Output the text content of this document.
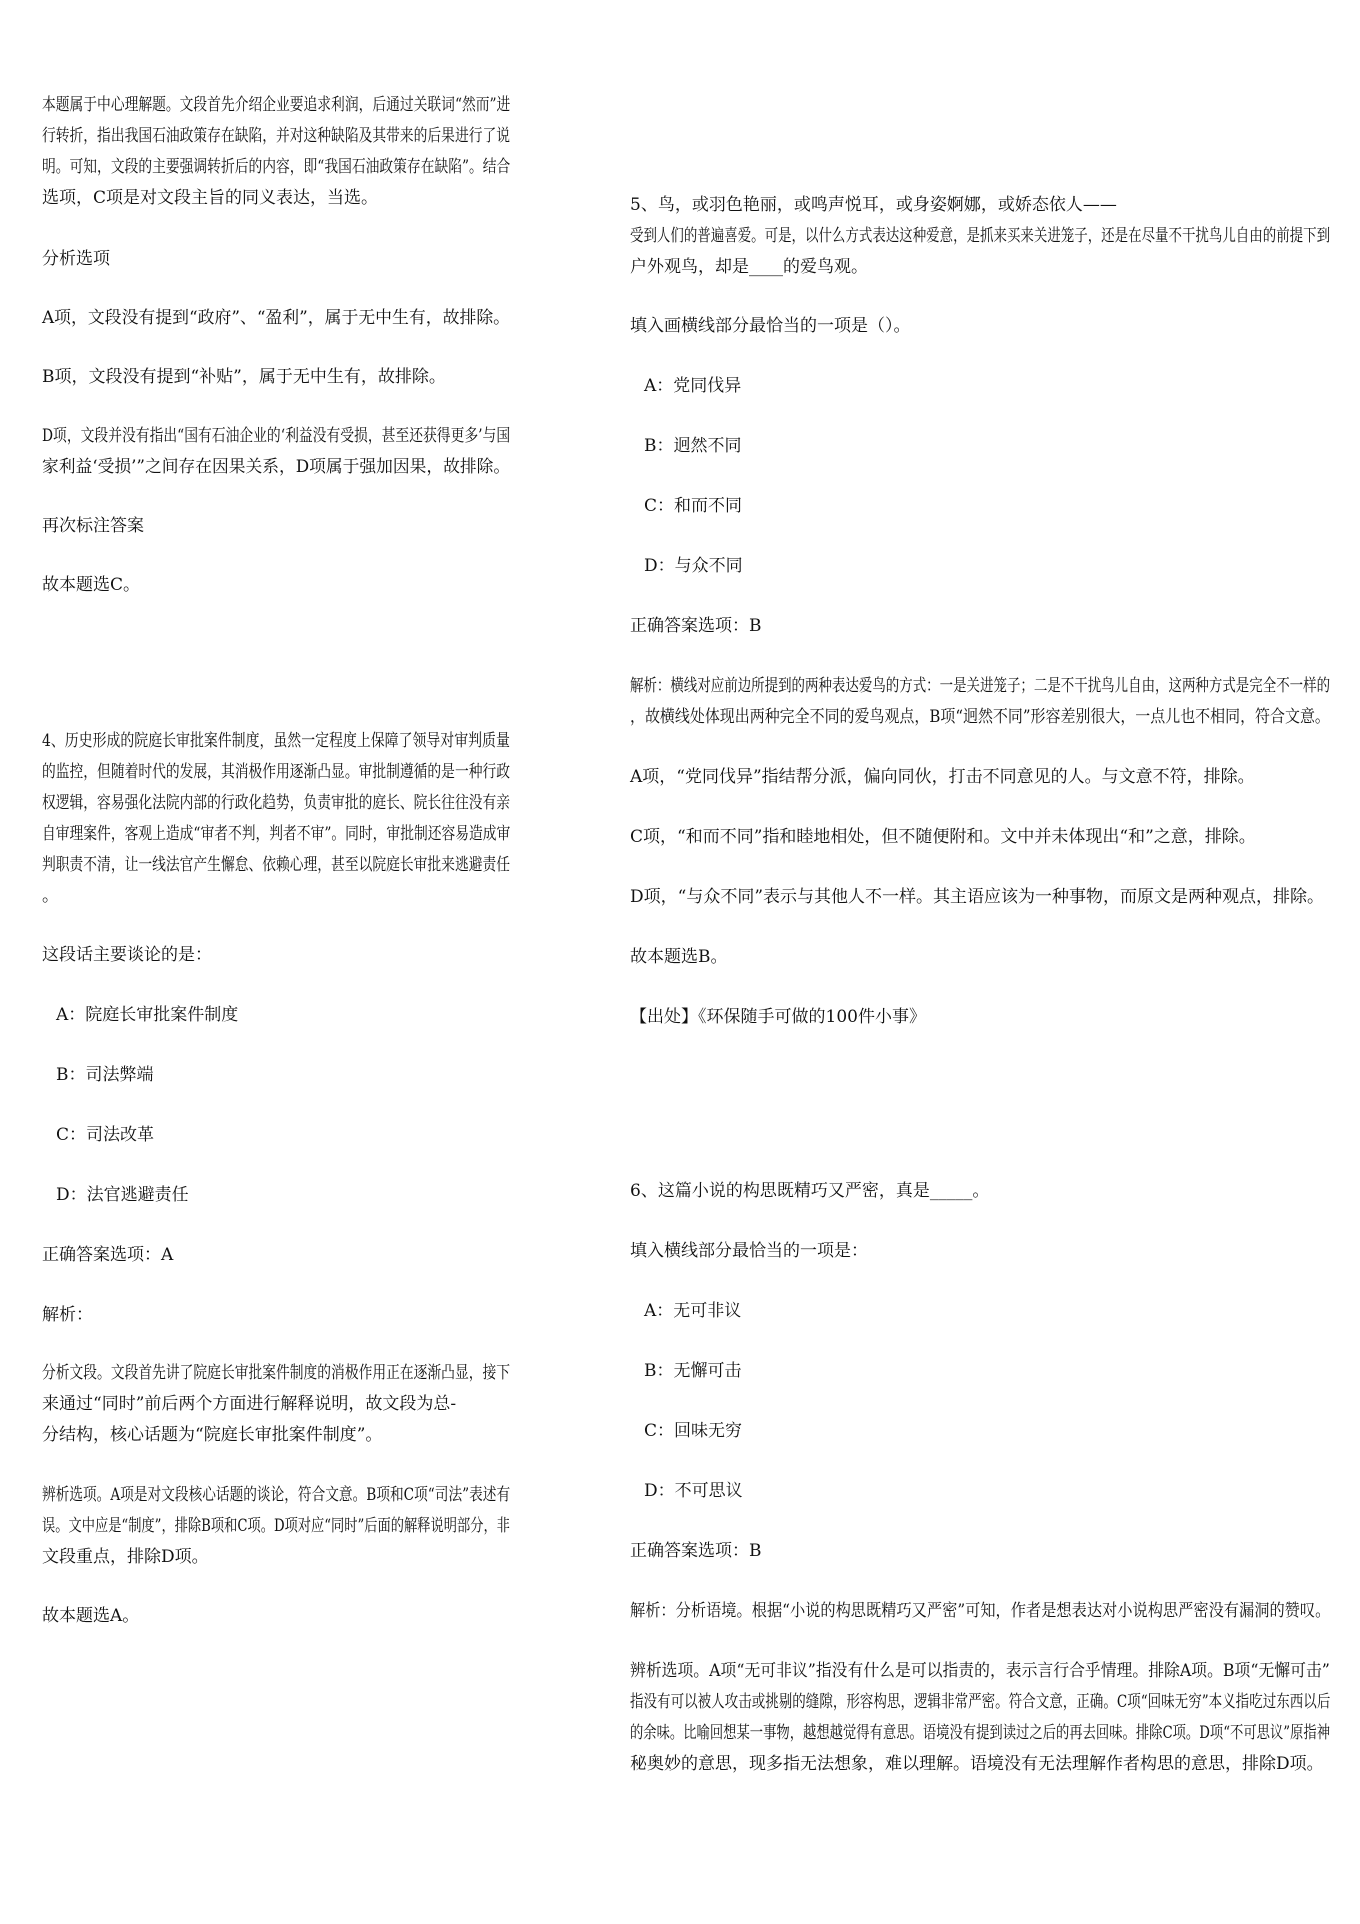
本题属于中心理解题。文段首先介绍企业要追求利润，后通过关联词“然而”进

行转折，指出我国石油政策存在缺陷，并对这种缺陷及其带来的后果进行了说

明。可知，文段的主要强调转折后的内容，即“我国石油政策存在缺陷”。结合

选项，C项是对文段主旨的同义表达，当选。

分析选项

A项，文段没有提到“政府”、“盈利”，属于无中生有，故排除。

B项，文段没有提到“补贴”，属于无中生有，故排除。

D项，文段并没有指出“国有石油企业的‘利益没有受损，甚至还获得更多’与国

家利益‘受损’”之间存在因果关系，D项属于强加因果，故排除。

再次标注答案

故本题选C。

4、历史形成的院庭长审批案件制度，虽然一定程度上保障了领导对审判质量

的监控，但随着时代的发展，其消极作用逐渐凸显。审批制遵循的是一种行政

权逻辑，容易强化法院内部的行政化趋势，负责审批的庭长、院长往往没有亲

自审理案件，客观上造成“审者不判，判者不审”。同时，审批制还容易造成审

判职责不清，让一线法官产生懈怠、依赖心理，甚至以院庭长审批来逃避责任

。

这段话主要谈论的是：

A：院庭长审批案件制度

B：司法弊端

C：司法改革

D：法官逃避责任

正确答案选项：A

解析：

分析文段。文段首先讲了院庭长审批案件制度的消极作用正在逐渐凸显，接下

来通过“同时”前后两个方面进行解释说明，故文段为总-

分结构，核心话题为“院庭长审批案件制度”。

辨析选项。A项是对文段核心话题的谈论，符合文意。B项和C项“司法”表述有

误。文中应是“制度”，排除B项和C项。D项对应“同时”后面的解释说明部分，非

文段重点，排除D项。

故本题选A。

5、鸟，或羽色艳丽，或鸣声悦耳，或身姿婀娜，或娇态依人——

受到人们的普遍喜爱。可是，以什么方式表达这种爱意，是抓来买来关进笼子，还是在尽量不干扰鸟儿自由的前提下到

户外观鸟，却是____的爱鸟观。

填入画横线部分最恰当的一项是（）。

A：党同伐异

B：迥然不同

C：和而不同

D：与众不同

正确答案选项：B

解析：横线对应前边所提到的两种表达爱鸟的方式：一是关进笼子；二是不干扰鸟儿自由，这两种方式是完全不一样的

，故横线处体现出两种完全不同的爱鸟观点，B项“迥然不同”形容差别很大，一点儿也不相同，符合文意。

A项，“党同伐异”指结帮分派，偏向同伙，打击不同意见的人。与文意不符，排除。

C项，“和而不同”指和睦地相处，但不随便附和。文中并未体现出“和”之意，排除。

D项，“与众不同”表示与其他人不一样。其主语应该为一种事物，而原文是两种观点，排除。

故本题选B。

【出处】《环保随手可做的100件小事》

6、这篇小说的构思既精巧又严密，真是_____。

填入横线部分最恰当的一项是：

A：无可非议

B：无懈可击

C：回味无穷

D：不可思议

正确答案选项：B

解析：分析语境。根据“小说的构思既精巧又严密”可知，作者是想表达对小说构思严密没有漏洞的赞叹。

辨析选项。A项“无可非议”指没有什么是可以指责的，表示言行合乎情理。排除A项。B项“无懈可击”

指没有可以被人攻击或挑剔的缝隙，形容构思，逻辑非常严密。符合文意，正确。C项“回味无穷”本义指吃过东西以后

的余味。比喻回想某一事物，越想越觉得有意思。语境没有提到读过之后的再去回味。排除C项。D项“不可思议”原指神

秘奥妙的意思，现多指无法想象，难以理解。语境没有无法理解作者构思的意思，排除D项。
